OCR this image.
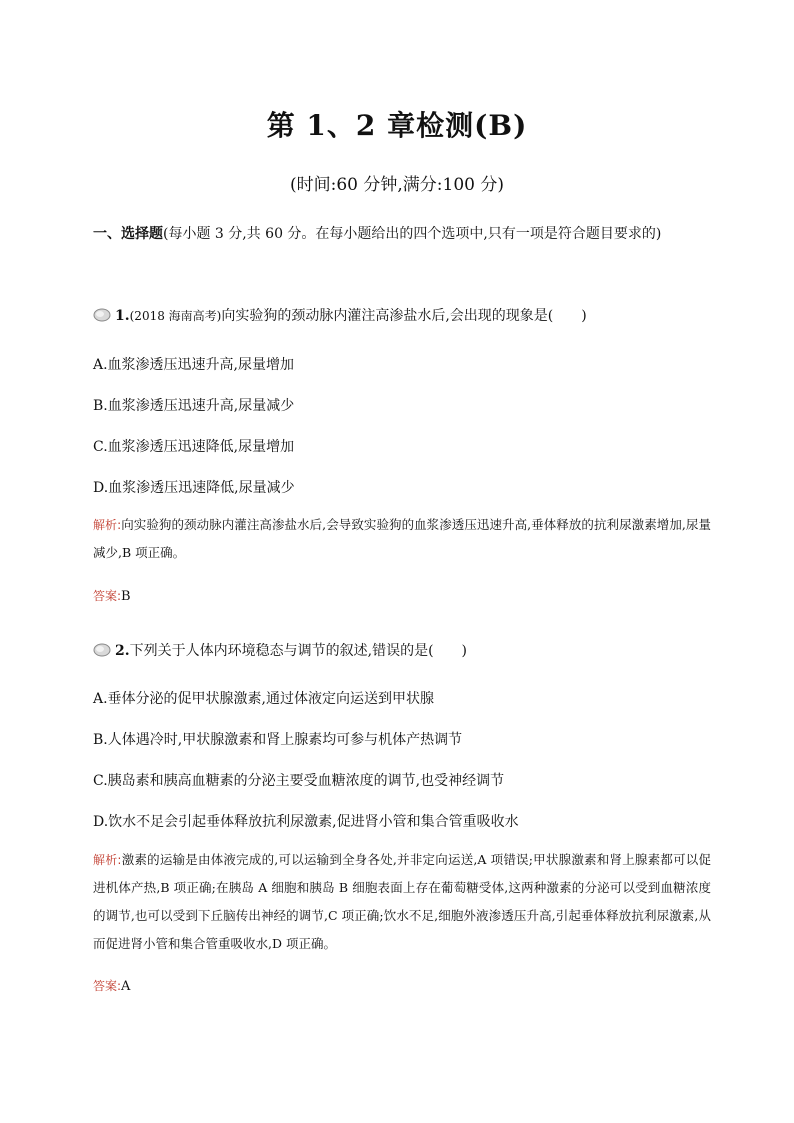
第 1、2 章检测(B)
(时间:60 分钟,满分:100 分)
一、选择题(每小题 3 分,共 60 分。在每小题给出的四个选项中,只有一项是符合题目要求的)
1.(2018 海南高考)向实验狗的颈动脉内灌注高渗盐水后,会出现的现象是(　　)
A.血浆渗透压迅速升高,尿量增加
B.血浆渗透压迅速升高,尿量减少
C.血浆渗透压迅速降低,尿量增加
D.血浆渗透压迅速降低,尿量减少
解析:向实验狗的颈动脉内灌注高渗盐水后,会导致实验狗的血浆渗透压迅速升高,垂体释放的抗利尿激素增加,尿量减少,B 项正确。
答案:B
2.下列关于人体内环境稳态与调节的叙述,错误的是(　　)
A.垂体分泌的促甲状腺激素,通过体液定向运送到甲状腺
B.人体遇冷时,甲状腺激素和肾上腺素均可参与机体产热调节
C.胰岛素和胰高血糖素的分泌主要受血糖浓度的调节,也受神经调节
D.饮水不足会引起垂体释放抗利尿激素,促进肾小管和集合管重吸收水
解析:激素的运输是由体液完成的,可以运输到全身各处,并非定向运送,A 项错误;甲状腺激素和肾上腺素都可以促进机体产热,B 项正确;在胰岛 A 细胞和胰岛 B 细胞表面上存在葡萄糖受体,这两种激素的分泌可以受到血糖浓度的调节,也可以受到下丘脑传出神经的调节,C 项正确;饮水不足,细胞外液渗透压升高,引起垂体释放抗利尿激素,从而促进肾小管和集合管重吸收水,D 项正确。
答案:A
